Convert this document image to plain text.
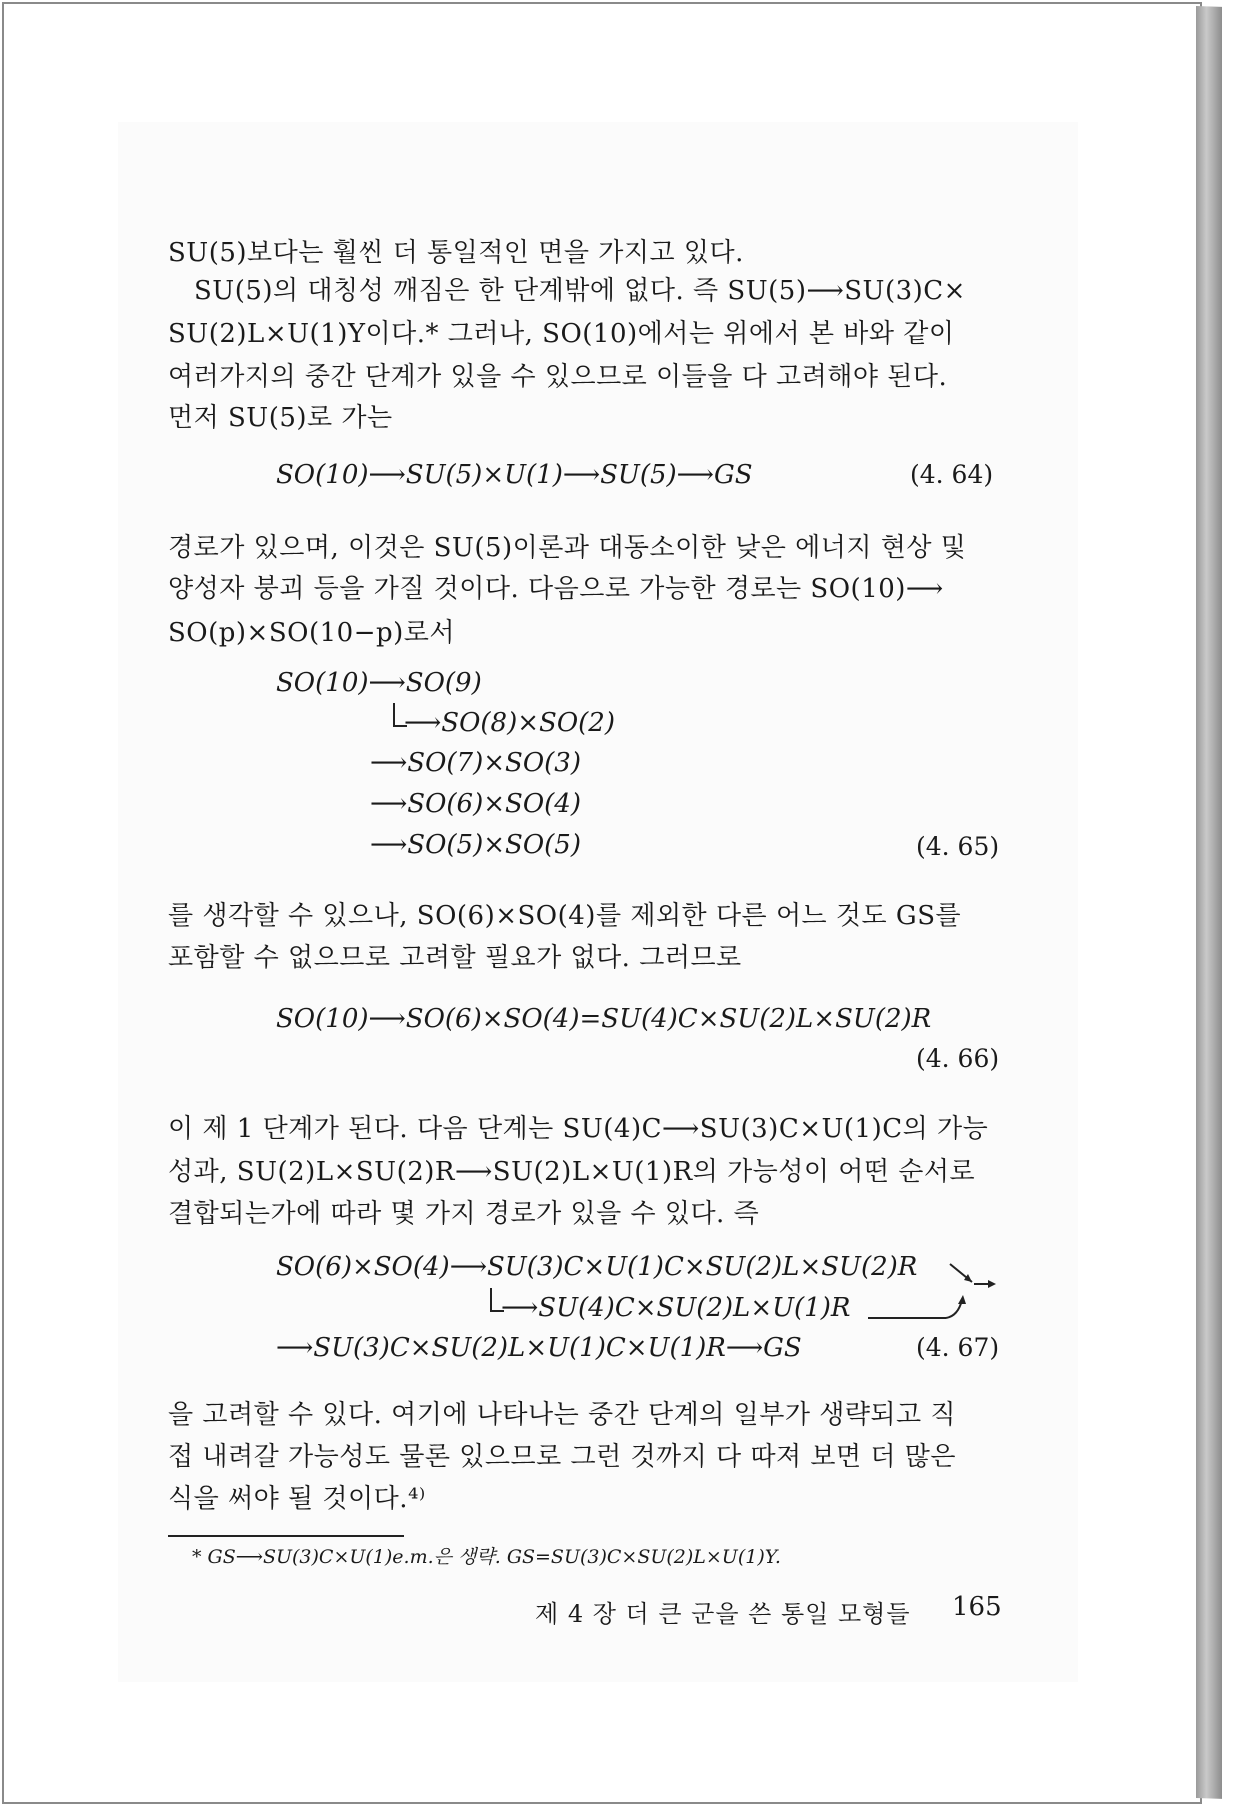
SU(5)보다는 훨씬 더 통일적인 면을 가지고 있다.
SU(5)의 대칭성 깨짐은 한 단계밖에 없다. 즉 SU(5)⟶SU(3)C×
SU(2)L×U(1)Y이다.* 그러나, SO(10)에서는 위에서 본 바와 같이
여러가지의 중간 단계가 있을 수 있으므로 이들을 다 고려해야 된다.
먼저 SU(5)로 가는
SO(10)⟶SU(5)×U(1)⟶SU(5)⟶GS	(4. 64)
경로가 있으며, 이것은 SU(5)이론과 대동소이한 낮은 에너지 현상 및
양성자 붕괴 등을 가질 것이다. 다음으로 가능한 경로는 SO(10)⟶
SO(p)×SO(10−p)로서
SO(10)⟶SO(9)
⟶SO(8)×SO(2)
⟶SO(7)×SO(3)
⟶SO(6)×SO(4)
⟶SO(5)×SO(5)	(4. 65)
를 생각할 수 있으나, SO(6)×SO(4)를 제외한 다른 어느 것도 GS를
포함할 수 없으므로 고려할 필요가 없다. 그러므로
SO(10)⟶SO(6)×SO(4)=SU(4)C×SU(2)L×SU(2)R
(4. 66)
이 제 1 단계가 된다. 다음 단계는 SU(4)C⟶SU(3)C×U(1)C의 가능
성과, SU(2)L×SU(2)R⟶SU(2)L×U(1)R의 가능성이 어떤 순서로
결합되는가에 따라 몇 가지 경로가 있을 수 있다. 즉
SO(6)×SO(4)⟶SU(3)C×U(1)C×SU(2)L×SU(2)R
⟶SU(4)C×SU(2)L×U(1)R
⟶SU(3)C×SU(2)L×U(1)C×U(1)R⟶GS	(4. 67)
을 고려할 수 있다. 여기에 나타나는 중간 단계의 일부가 생략되고 직
접 내려갈 가능성도 물론 있으므로 그런 것까지 다 따져 보면 더 많은
식을 써야 될 것이다.⁴⁾
* GS⟶SU(3)C×U(1)e.m.은 생략. GS=SU(3)C×SU(2)L×U(1)Y.
제 4 장 더 큰 군을 쓴 통일 모형들 165
